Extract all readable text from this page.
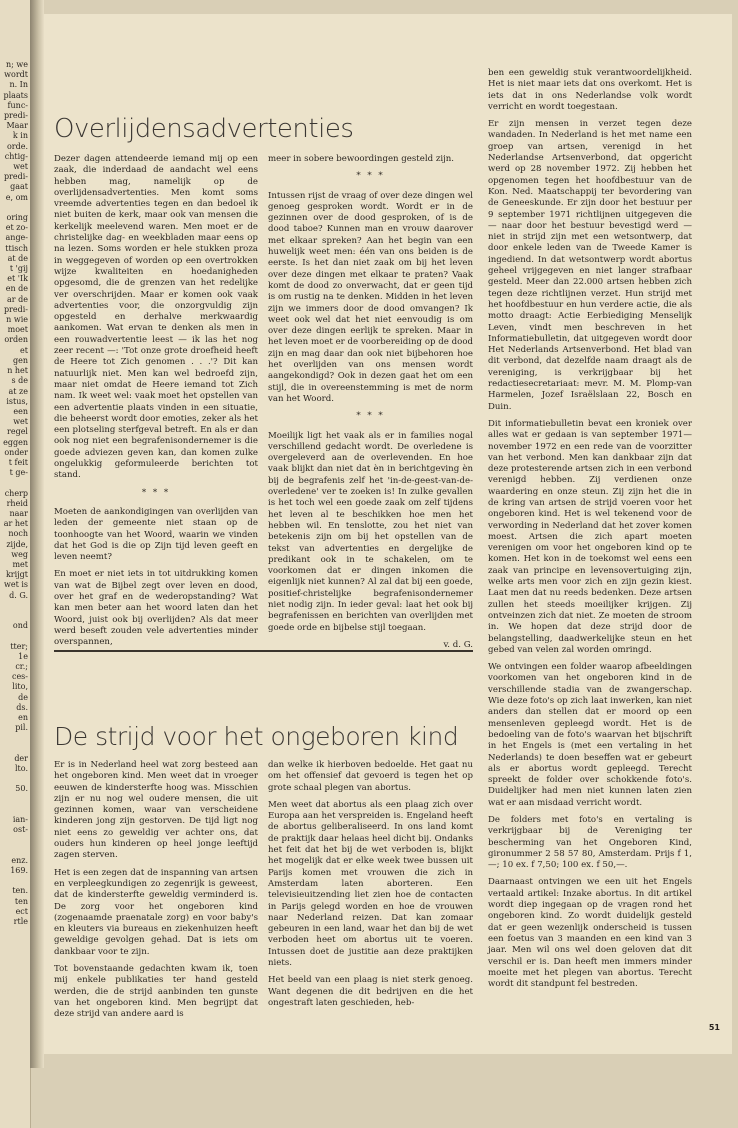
n; we
wordt
n. In
plaats
func-
predi-
Maar
k in
orde.
chtig-
wet
predi-
gaat
e, om

oring
et zo-
ange-
ttisch
at de
t 'gij
et 'Ik
en de
ar de
predi-
n wie
moet
orden
et
gen
n het
s de
at ze
istus,
een
wet
regel
eggen
onder
t feit
t ge-

cherp
rheid
naar
ar het
noch
zijde,
weg
met
krijgt
wet is
d. G.

ond

tter;
1e
cr.;
ces-
lito,
de
ds.
en
pil.

der
lto.

50.

ian-
ost-

enz.
169.

ten.
ten
ect
rtle
Overlijdensadvertenties

Dezer dagen attendeerde iemand mij op een zaak, die inderdaad de aandacht wel eens hebben mag, namelijk op de overlijdensadvertenties. Men komt soms vreemde advertenties tegen en dan bedoel ik niet buiten de kerk, maar ook van mensen die kerkelijk meelevend waren. Men moet er de christelijke dag- en weekbladen maar eens op na lezen. Soms worden er hele stukken proza in weggegeven of worden op een overtrokken wijze kwaliteiten en hoedanigheden opgesomd, die de grenzen van het redelijke ver overschrijden. Maar er komen ook vaak advertenties voor, die onzorgvuldig zijn opgesteld en derhalve merkwaardig aankomen. Wat ervan te denken als men in een rouwadvertentie leest — ik las het nog zeer recent —: 'Tot onze grote droefheid heeft de Heere tot Zich genomen . . .'? Dit kan natuurlijk niet. Men kan wel bedroefd zijn, maar niet omdat de Heere iemand tot Zich nam. Ik weet wel: vaak moet het opstellen van een advertentie plaats vinden in een situatie, die beheerst wordt door emoties, zeker als het een plotseling sterfgeval betreft. En als er dan ook nog niet een begrafenisondernemer is die goede adviezen geven kan, dan komen zulke ongelukkig geformuleerde berichten tot stand.

* * *

Moeten de aankondigingen van overlijden van leden der gemeente niet staan op de toonhoogte van het Woord, waarin we vinden dat het God is die op Zijn tijd leven geeft en leven neemt?

En moet er niet iets in tot uitdrukking komen van wat de Bijbel zegt over leven en dood, over het graf en de wederopstanding? Wat kan men beter aan het woord laten dan het Woord, juist ook bij overlijden? Als dat meer werd beseft zouden vele advertenties minder overspannen,

meer in sobere bewoordingen gesteld zijn.

* * *

Intussen rijst de vraag of over deze dingen wel genoeg gesproken wordt. Wordt er in de gezinnen over de dood gesproken, of is de dood taboe? Kunnen man en vrouw daarover met elkaar spreken? Aan het begin van een huwelijk weet men: één van ons beiden is de eerste. Is het dan niet zaak om bij het leven over deze dingen met elkaar te praten? Vaak komt de dood zo onverwacht, dat er geen tijd is om rustig na te denken. Midden in het leven zijn we immers door de dood omvangen? Ik weet ook wel dat het niet eenvoudig is om over deze dingen eerlijk te spreken. Maar in het leven moet er de voorbereiding op de dood zijn en mag daar dan ook niet bijbehoren hoe het overlijden van ons mensen wordt aangekondigd? Ook in dezen gaat het om een stijl, die in overeenstemming is met de norm van het Woord.

* * *

Moeilijk ligt het vaak als er in families nogal verschillend gedacht wordt. De overledene is overgeleverd aan de overlevenden. En hoe vaak blijkt dan niet dat èn in berichtgeving èn bij de begrafenis zelf het 'in-de-geest-van-de-overledene' ver te zoeken is! In zulke gevallen is het toch wel een goede zaak om zelf tijdens het leven al te beschikken hoe men het hebben wil. En tenslotte, zou het niet van betekenis zijn om bij het opstellen van de tekst van advertenties en dergelijke de predikant ook in te schakelen, om te voorkomen dat er dingen inkomen die eigenlijk niet kunnen? Al zal dat bij een goede, positief-christelijke begrafenisondernemer niet nodig zijn. In ieder geval: laat het ook bij begrafenissen en berichten van overlijden met goede orde en bijbelse stijl toegaan.

v. d. G.

De strijd voor het ongeboren kind

Er is in Nederland heel wat zorg besteed aan het ongeboren kind. Men weet dat in vroeger eeuwen de kindersterfte hoog was. Misschien zijn er nu nog wel oudere mensen, die uit gezinnen komen, waar van verscheidene kinderen jong zijn gestorven. De tijd ligt nog niet eens zo geweldig ver achter ons, dat ouders hun kinderen op heel jonge leeftijd zagen sterven.

Het is een zegen dat de inspanning van artsen en verpleegkundigen zo zegenrijk is geweest, dat de kindersterfte geweldig verminderd is. De zorg voor het ongeboren kind (zogenaamde praenatale zorg) en voor baby's en kleuters via bureaus en ziekenhuizen heeft geweldige gevolgen gehad. Dat is iets om dankbaar voor te zijn.

Tot bovenstaande gedachten kwam ik, toen mij enkele publikaties ter hand gesteld werden, die de strijd aanbinden ten gunste van het ongeboren kind. Men begrijpt dat deze strijd van andere aard is

dan welke ik hierboven bedoelde. Het gaat nu om het offensief dat gevoerd is tegen het op grote schaal plegen van abortus.

Men weet dat abortus als een plaag zich over Europa aan het verspreiden is. Engeland heeft de abortus geliberaliseerd. In ons land komt de praktijk daar helaas heel dicht bij. Ondanks het feit dat het bij de wet verboden is, blijkt het mogelijk dat er elke week twee bussen uit Parijs komen met vrouwen die zich in Amsterdam laten aborteren. Een televisieuitzending liet zien hoe de contacten in Parijs gelegd worden en hoe de vrouwen naar Nederland reizen. Dat kan zomaar gebeuren in een land, waar het dan bij de wet verboden heet om abortus uit te voeren. Intussen doet de justitie aan deze praktijken niets.

Het beeld van een plaag is niet sterk genoeg. Want degenen die dit bedrijven en die het ongestraft laten geschieden, heb-

ben een geweldig stuk verantwoordelijkheid. Het is niet maar iets dat ons overkomt. Het is iets dat in ons Nederlandse volk wordt verricht en wordt toegestaan.

Er zijn mensen in verzet tegen deze wandaden. In Nederland is het met name een groep van artsen, verenigd in het Nederlandse Artsenverbond, dat opgericht werd op 28 november 1972. Zij hebben het opgenomen tegen het hoofdbestuur van de Kon. Ned. Maatschappij ter bevordering van de Geneeskunde. Er zijn door het bestuur per 9 september 1971 richtlijnen uitgegeven die — naar door het bestuur bevestigd werd — niet in strijd zijn met een wetsontwerp, dat door enkele leden van de Tweede Kamer is ingediend. In dat wetsontwerp wordt abortus geheel vrijgegeven en niet langer strafbaar gesteld. Meer dan 22.000 artsen hebben zich tegen deze richtlijnen verzet. Hun strijd met het hoofdbestuur en hun verdere actie, die als motto draagt: Actie Eerbiediging Menselijk Leven, vindt men beschreven in het Informatiebulletin, dat uitgegeven wordt door Het Nederlands Artsenverbond. Het blad van dit verbond, dat dezelfde naam draagt als de vereniging, is verkrijgbaar bij het redactiesecretariaat: mevr. M. M. Plomp-van Harmelen, Jozef Israëlslaan 22, Bosch en Duin.

Dit informatiebulletin bevat een kroniek over alles wat er gedaan is van september 1971—november 1972 en een rede van de voorzitter van het verbond. Men kan dankbaar zijn dat deze protesterende artsen zich in een verbond verenigd hebben. Zij verdienen onze waardering en onze steun. Zij zijn het die in de kring van artsen de strijd voeren voor het ongeboren kind. Het is wel tekenend voor de verwording in Nederland dat het zover komen moest. Artsen die zich apart moeten verenigen om voor het ongeboren kind op te komen. Het kon in de toekomst wel eens een zaak van principe en levensovertuiging zijn, welke arts men voor zich en zijn gezin kiest. Laat men dat nu reeds bedenken. Deze artsen zullen het steeds moeilijker krijgen. Zij ontveinzen zich dat niet. Ze moeten de stroom in. We hopen dat deze strijd door de belangstelling, daadwerkelijke steun en het gebed van velen zal worden omringd.

We ontvingen een folder waarop afbeeldingen voorkomen van het ongeboren kind in de verschillende stadia van de zwangerschap. Wie deze foto's op zich laat inwerken, kan niet anders dan stellen dat er moord op een mensenleven gepleegd wordt. Het is de bedoeling van de foto's waarvan het bijschrift in het Engels is (met een vertaling in het Nederlands) te doen beseffen wat er gebeurt als er abortus wordt gepleegd. Terecht spreekt de folder over schokkende foto's. Duidelijker had men niet kunnen laten zien wat er aan misdaad verricht wordt.

De folders met foto's en vertaling is verkrijgbaar bij de Vereniging ter bescherming van het Ongeboren Kind, gironummer 2 58 57 80, Amsterdam. Prijs f 1,—; 10 ex. f 7,50; 100 ex. f 50,—.

Daarnaast ontvingen we een uit het Engels vertaald artikel: Inzake abortus. In dit artikel wordt diep ingegaan op de vragen rond het ongeboren kind. Zo wordt duidelijk gesteld dat er geen wezenlijk onderscheid is tussen een foetus van 3 maanden en een kind van 3 jaar. Men wil ons wel doen geloven dat dit verschil er is. Dan heeft men immers minder moeite met het plegen van abortus. Terecht wordt dit standpunt fel bestreden.

51
